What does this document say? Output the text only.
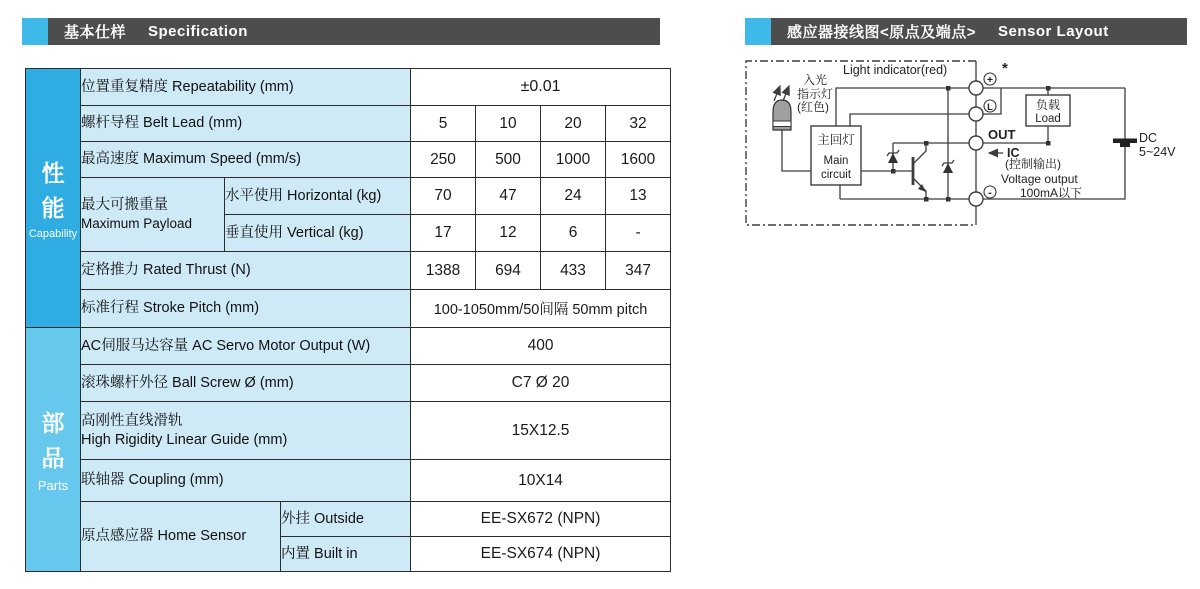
基本仕样 Specification	感应器接线图<原点及端点> Sensor Layout
性
能
Capability	位置重复精度 Repeatability (mm)			±0.01			
	螺杆导程 Belt Lead (mm)			5	10	20	32
	最高速度 Maximum Speed (mm/s)			250	500	1000	1600
	最大可搬重量
Maximum Payload	水平使用 Horizontal (kg)		70	47	24	13
		垂直使用 Vertical (kg)		17	12	6	-
	定格推力 Rated Thrust (N)			1388	694	433	347
	标准行程 Stroke Pitch (mm)			100-1050mm/50间隔 50mm pitch			

部
品
Parts	AC伺服马达容量 AC Servo Motor Output (W)			400			
	滚珠螺杆外径 Ball Screw Ø (mm)			C7 Ø 20			
	高刚性直线滑轨
High Rigidity Linear Guide (mm)			15X12.5			
	联轴器 Coupling (mm)			10X14			
	原点感应器 Home Sensor		外挂 Outside	EE-SX672 (NPN)			
			内置 Built in	EE-SX674 (NPN)			
主回灯
Main
circuit
负载
Load
DC
5~24V
+
*
L
-
Light indicator(red)
入光
指示灯
(红色)
OUT
IC
(控制输出)
Voltage output
100mA以下
